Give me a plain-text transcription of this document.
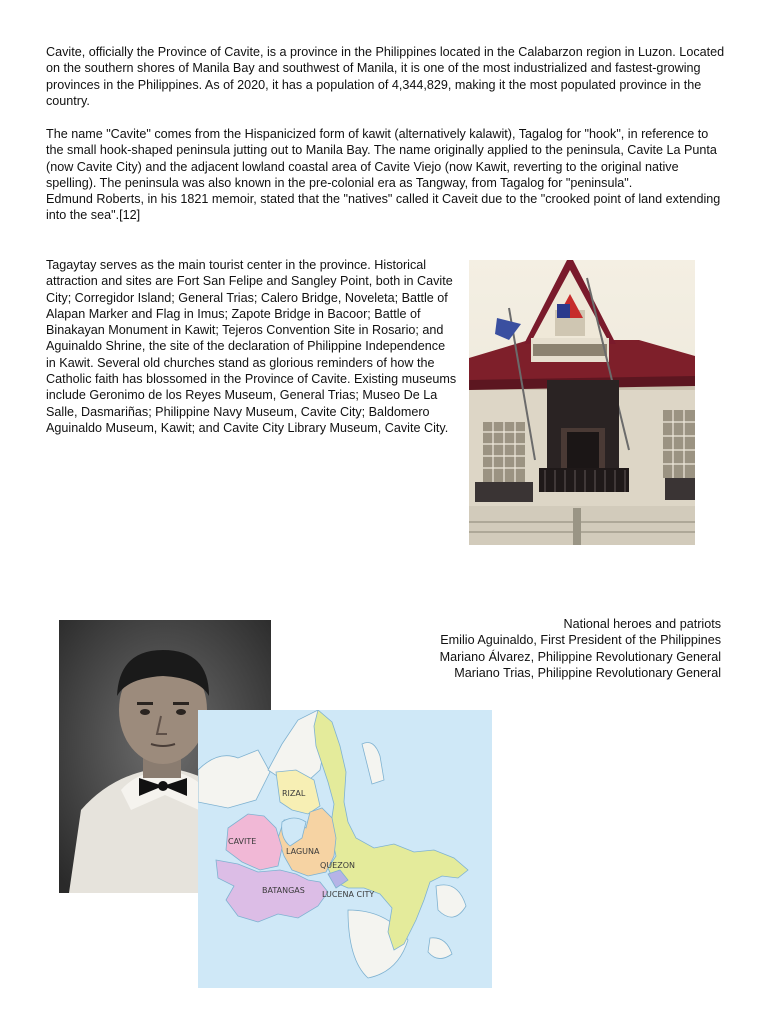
Cavite, officially the Province of Cavite, is a province in the Philippines located in the Calabarzon region in Luzon. Located on the southern shores of Manila Bay and southwest of Manila, it is one of the most industrialized and fastest-growing provinces in the Philippines. As of 2020, it has a population of 4,344,829, making it the most populated province in the country.

The name "Cavite" comes from the Hispanicized form of kawit (alternatively kalawit), Tagalog for "hook", in reference to the small hook-shaped peninsula jutting out to Manila Bay. The name originally applied to the peninsula, Cavite La Punta (now Cavite City) and the adjacent lowland coastal area of Cavite Viejo (now Kawit, reverting to the original native spelling). The peninsula was also known in the pre-colonial era as Tangway, from Tagalog for "peninsula".

Edmund Roberts, in his 1821 memoir, stated that the "natives" called it Caveit due to the "crooked point of land extending into the sea".[12]

Tagaytay serves as the main tourist center in the province. Historical attraction and sites are Fort San Felipe and Sangley Point, both in Cavite City; Corregidor Island; General Trias; Calero Bridge, Noveleta; Battle of Alapan Marker and Flag in Imus; Zapote Bridge in Bacoor; Battle of Binakayan Monument in Kawit; Tejeros Convention Site in Rosario; and Aguinaldo Shrine, the site of the declaration of Philippine Independence in Kawit. Several old churches stand as glorious reminders of how the Catholic faith has blossomed in the Province of Cavite. Existing museums include Geronimo de los Reyes Museum, General Trias; Museo De La Salle, Dasmariñas; Philippine Navy Museum, Cavite City; Baldomero Aguinaldo Museum, Kawit; and Cavite City Library Museum, Cavite City.

National heroes and patriots
Emilio Aguinaldo, First President of the Philippines
Mariano Álvarez, Philippine Revolutionary General
Mariano Trias, Philippine Revolutionary General
RIZAL
CAVITE
LAGUNA
QUEZON
BATANGAS LUCENA CITY
